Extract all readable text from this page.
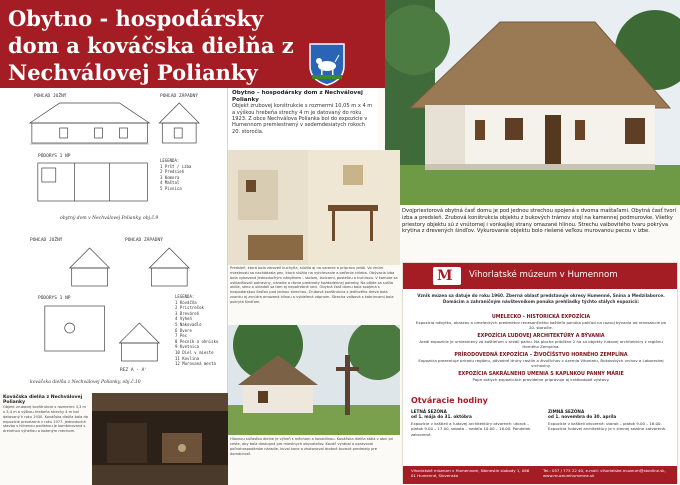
Obytno - hospodársky dom a kováčska dielňa z Nechválovej Polianky
POHĽAD JUŽNÝ	POHĽAD ZÁPADNÝ
PÔDORYS 1 NP
LEGENDA:
1 Pršť / izba
2 Predsieň
3 Komora
4 Maštaľ
5 Pivnica
obytný dom v Nechválovej Polianky, obj.č.9
POHĽAD JUŽNÝ	POHĽAD ZÁPADNÝ
PÔDORYS 1 NP	LEGENDA:
1 Kováčňa
2 Pristrešok
3 Dreváreň
4 Výheň
5 Nákovadlo
6 Dvere
7 Pec
8 Pecník a ohnisko
9 Kvetnica
10 Diel v mieste
11 Kovlina
12 Murovaná mesta
REZ A - A'
kováčska dielňa z Nechválovej Polianky, obj.č.10
Obytno – hospodársky dom z Nechválovej Polianky

Objekt zrubovej konštrukcie s rozmermi 10,05 m x 4 m a výškou hrebeňa strechy 4 m je datovaný do roku 1923. Z obce Nechválova Polianka bol do expozície v Humennom premiestnený v sedemdesiatych rokoch 20. storočia.

Predsieň, ktorá bola zároveň kuchyňa, slúžila aj na varenie a prípravu jedál. Vo vnútri miestnosti sa nachádzala pec, ktorá slúžila na vyhrievanie a pečenie chleba. Obývacia izba bola vybavená jednoduchým nábytkom – stolom, lavicami, posteľou a truhlicou. V komore sa uskladňovali potraviny, náradie a rôzne predmety každodennej potreby. Na pôjde sa sušilo obilie, seno a ukladali sa tam aj nepotrebné veci. Obytná časť domu bola spojená s hospodárskou časťou pod jednou strechou. Zrubová konštrukcia z jedľového dreva bola zvonku aj zvnútra omazaná hlinou a vybielená vápnom. Strecha valbová s kabrincami bola pokrytá šindľom.
Hlavnou súčasťou dielne je výheň s měchom a kovadlinou. Kováčska dielňa stála v obci pri ceste, aby bola dostupná pre miestnych obyvateľov. Kováč vyrábal a opravoval poľnohospodárske náradie, kuval kone a zhotovoval drobné kovové predmety pre domácnosť.
Kováčska dielňa z Nechválovej Polianky

Objekt zrubovej konštrukcie s rozmermi 3,3 m x 3,4 m a výškou hrebeňa strechy 4 m bol datovaný k roku 1930. Kováčska dielňa bola do expozície prevezená v roku 1977. Jednoduchá stavba s hlinenou podlahou je kombinovaná s drevenou výheňou a koženým mechom.

Dvojpriestorová obytná časť domu je pod jednou strechou spojená s dvoma maštaľami. Obytná časť tvorí izba a predsieň. Zrubová konštrukcia objektu z bukových trámov stojí na kamennej podmurovke. Všetky priestory objektu sú z vnútornej i vonkajšej strany omazané hlinou. Strechu valbovitého tvaru pokrýva krytina z drevených šindľov. Vykurovanie objektu bolo riešené veľkou murovanou pecou v izbe.
M Vihorlatské múzeum v Humennom
Vznik múzea sa datuje do roku 1960. Zberná oblasť predstavuje okresy Humenné, Snina a Medzilaborce. Domácim a zahraničným návštevníkom ponúka prehliadky týchto stálych expozícií:
UMELECKO - HISTORICKÁ EXPOZÍCIA
Expozícia nábytku, obrazov a umeleckých predmetov renesančného kaštieľa ponúka pohľad na rozvoj bývania od renesancie po 20. storočie.
EXPOZÍCIA ĽUDOVEJ ARCHITEKTÚRY A BÝVANIA
Areál expozície je umiestnený za kaštieľom v areáli parku. Na ploche približne 2 ha sú objekty ľudovej architektúry z regiónu Horného Zemplína.
PRÍRODOVEDNÁ EXPOZÍCIA - ŽIVOČÍŠSTVO HORNÉHO ZEMPLÍNA
Expozícia prezentuje prírodu regiónu, pôvodné druhy rastlín a živočíchov z územia Vihorlatu, Bukovských vrchov a Laboreckej vrchoviny.
EXPOZÍCIA SAKRÁLNEHO UMENIA S KAPLNKOU PANNY MÁRIE
Popri stálych expozíciách pravidelne pripravuje aj krátkodobé výstavy.
Otváracie hodiny
LETNÁ SEZÓNA
od 1. mája do 31. októbra
Expozície v kaštieli a ľudovej architektúry otvorené: utorok – piatok 9.00 – 17.00, sobota – nedeľa 10.00 – 18.00. Pondelok zatvorené.
ZIMNÁ SEZÓNA
od 1. novembra do 30. apríla
Expozície v kaštieli otvorené: utorok – piatok 9.00 – 16.00. Expozícia ľudovej architektúry je v zimnej sezóne zatvorená.
Vihorlatské múzeum v Humennom, Námestie slobody 1, 066 01 Humenné, Slovensko
Tel.: 057 / 775 22 40, e-mail: vihorlatske.muzeum@stonline.sk, www.muzeumhumenne.sk
